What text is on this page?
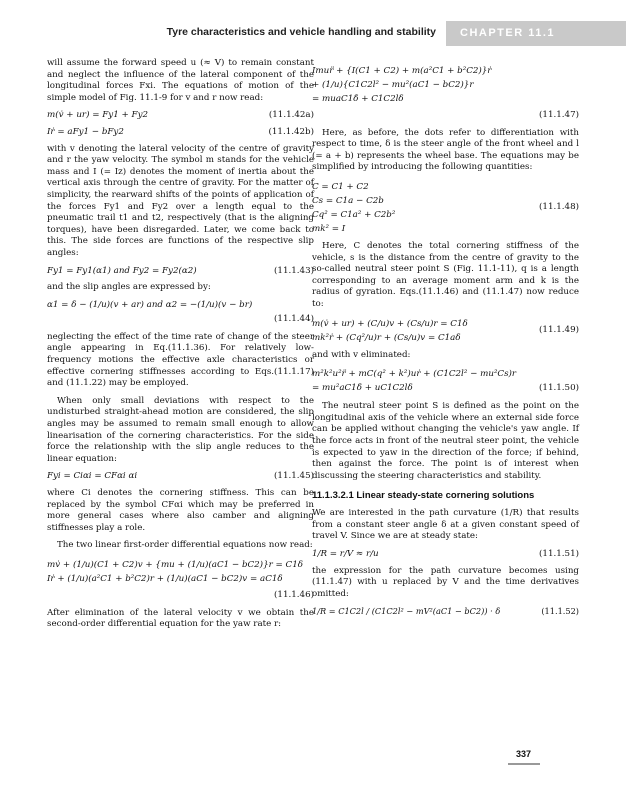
Tyre characteristics and vehicle handling and stability CHAPTER 11.1

will assume the forward speed u (≈ V) to remain constant and neglect the influence of the lateral component of the longitudinal forces Fxi. The equations of motion of the simple model of Fig. 11.1-9 for v and r now read:

m(v̇ + ur) = Fy1 + Fy2	(11.1.42a)
Iṙ = aFy1 − bFy2	(11.1.42b)

with v denoting the lateral velocity of the centre of gravity and r the yaw velocity. The symbol m stands for the vehicle mass and I (= Iz) denotes the moment of inertia about the vertical axis through the centre of gravity. For the matter of simplicity, the rearward shifts of the points of application of the forces Fy1 and Fy2 over a length equal to the pneumatic trail t1 and t2, respectively (that is the aligning torques), have been disregarded. Later, we come back to this. The side forces are functions of the respective slip angles:

Fy1 = Fy1(α1) and Fy2 = Fy2(α2)	(11.1.43)

and the slip angles are expressed by:

α1 = δ − (1/u)(v + ar) and α2 = −(1/u)(v − br)
(11.1.44)

neglecting the effect of the time rate of change of the steer angle appearing in Eq.(11.1.36). For relatively low-frequency motions the effective axle characteristics or effective cornering stiffnesses according to Eqs.(11.1.17) and (11.1.22) may be employed.

When only small deviations with respect to the undisturbed straight-ahead motion are considered, the slip angles may be assumed to remain small enough to allow linearisation of the cornering characteristics. For the side force the relationship with the slip angle reduces to the linear equation:

Fyi = Ciαi = CFαi αi	(11.1.45)

where Ci denotes the cornering stiffness. This can be replaced by the symbol CFαi which may be preferred in more general cases where also camber and aligning stiffnesses play a role.

The two linear first-order differential equations now read:

mv̇ + (1/u)(C1 + C2)v + {mu + (1/u)(aC1 − bC2)}r = C1δ
Iṙ + (1/u)(a²C1 + b²C2)r + (1/u)(aC1 − bC2)v = aC1δ
(11.1.46)

After elimination of the lateral velocity v we obtain the second-order differential equation for the yaw rate r:

Imur̈ + {I(C1 + C2) + m(a²C1 + b²C2)}ṙ
+ (1/u){C1C2l² − mu²(aC1 − bC2)}r
= muaC1δ̇ + C1C2lδ
(11.1.47)

Here, as before, the dots refer to differentiation with respect to time, δ is the steer angle of the front wheel and l (= a + b) represents the wheel base. The equations may be simplified by introducing the following quantities:

C = C1 + C2
Cs = C1a − C2b
Cq² = C1a² + C2b²
mk² = I
(11.1.48)

Here, C denotes the total cornering stiffness of the vehicle, s is the distance from the centre of gravity to the so-called neutral steer point S (Fig. 11.1-11), q is a length corresponding to an average moment arm and k is the radius of gyration. Eqs.(11.1.46) and (11.1.47) now reduce to:

m(v̇ + ur) + (C/u)v + (Cs/u)r = C1δ
mk²ṙ + (Cq²/u)r + (Cs/u)v = C1aδ
(11.1.49)

and with v eliminated:

m²k²u²r̈ + mC(q² + k²)uṙ + (C1C2l² − mu²Cs)r
= mu²aC1δ̇ + uC1C2lδ	(11.1.50)

The neutral steer point S is defined as the point on the longitudinal axis of the vehicle where an external side force can be applied without changing the vehicle's yaw angle. If the force acts in front of the neutral steer point, the vehicle is expected to yaw in the direction of the force; if behind, then against the force. The point is of interest when discussing the steering characteristics and stability.

11.1.3.2.1 Linear steady-state cornering solutions

We are interested in the path curvature (1/R) that results from a constant steer angle δ at a given constant speed of travel V. Since we are at steady state:

1/R = r/V ≈ r/u	(11.1.51)

the expression for the path curvature becomes using (11.1.47) with u replaced by V and the time derivatives omitted:

1/R = C1C2l / (C1C2l² − mV²(aC1 − bC2)) · δ	(11.1.52)
337
